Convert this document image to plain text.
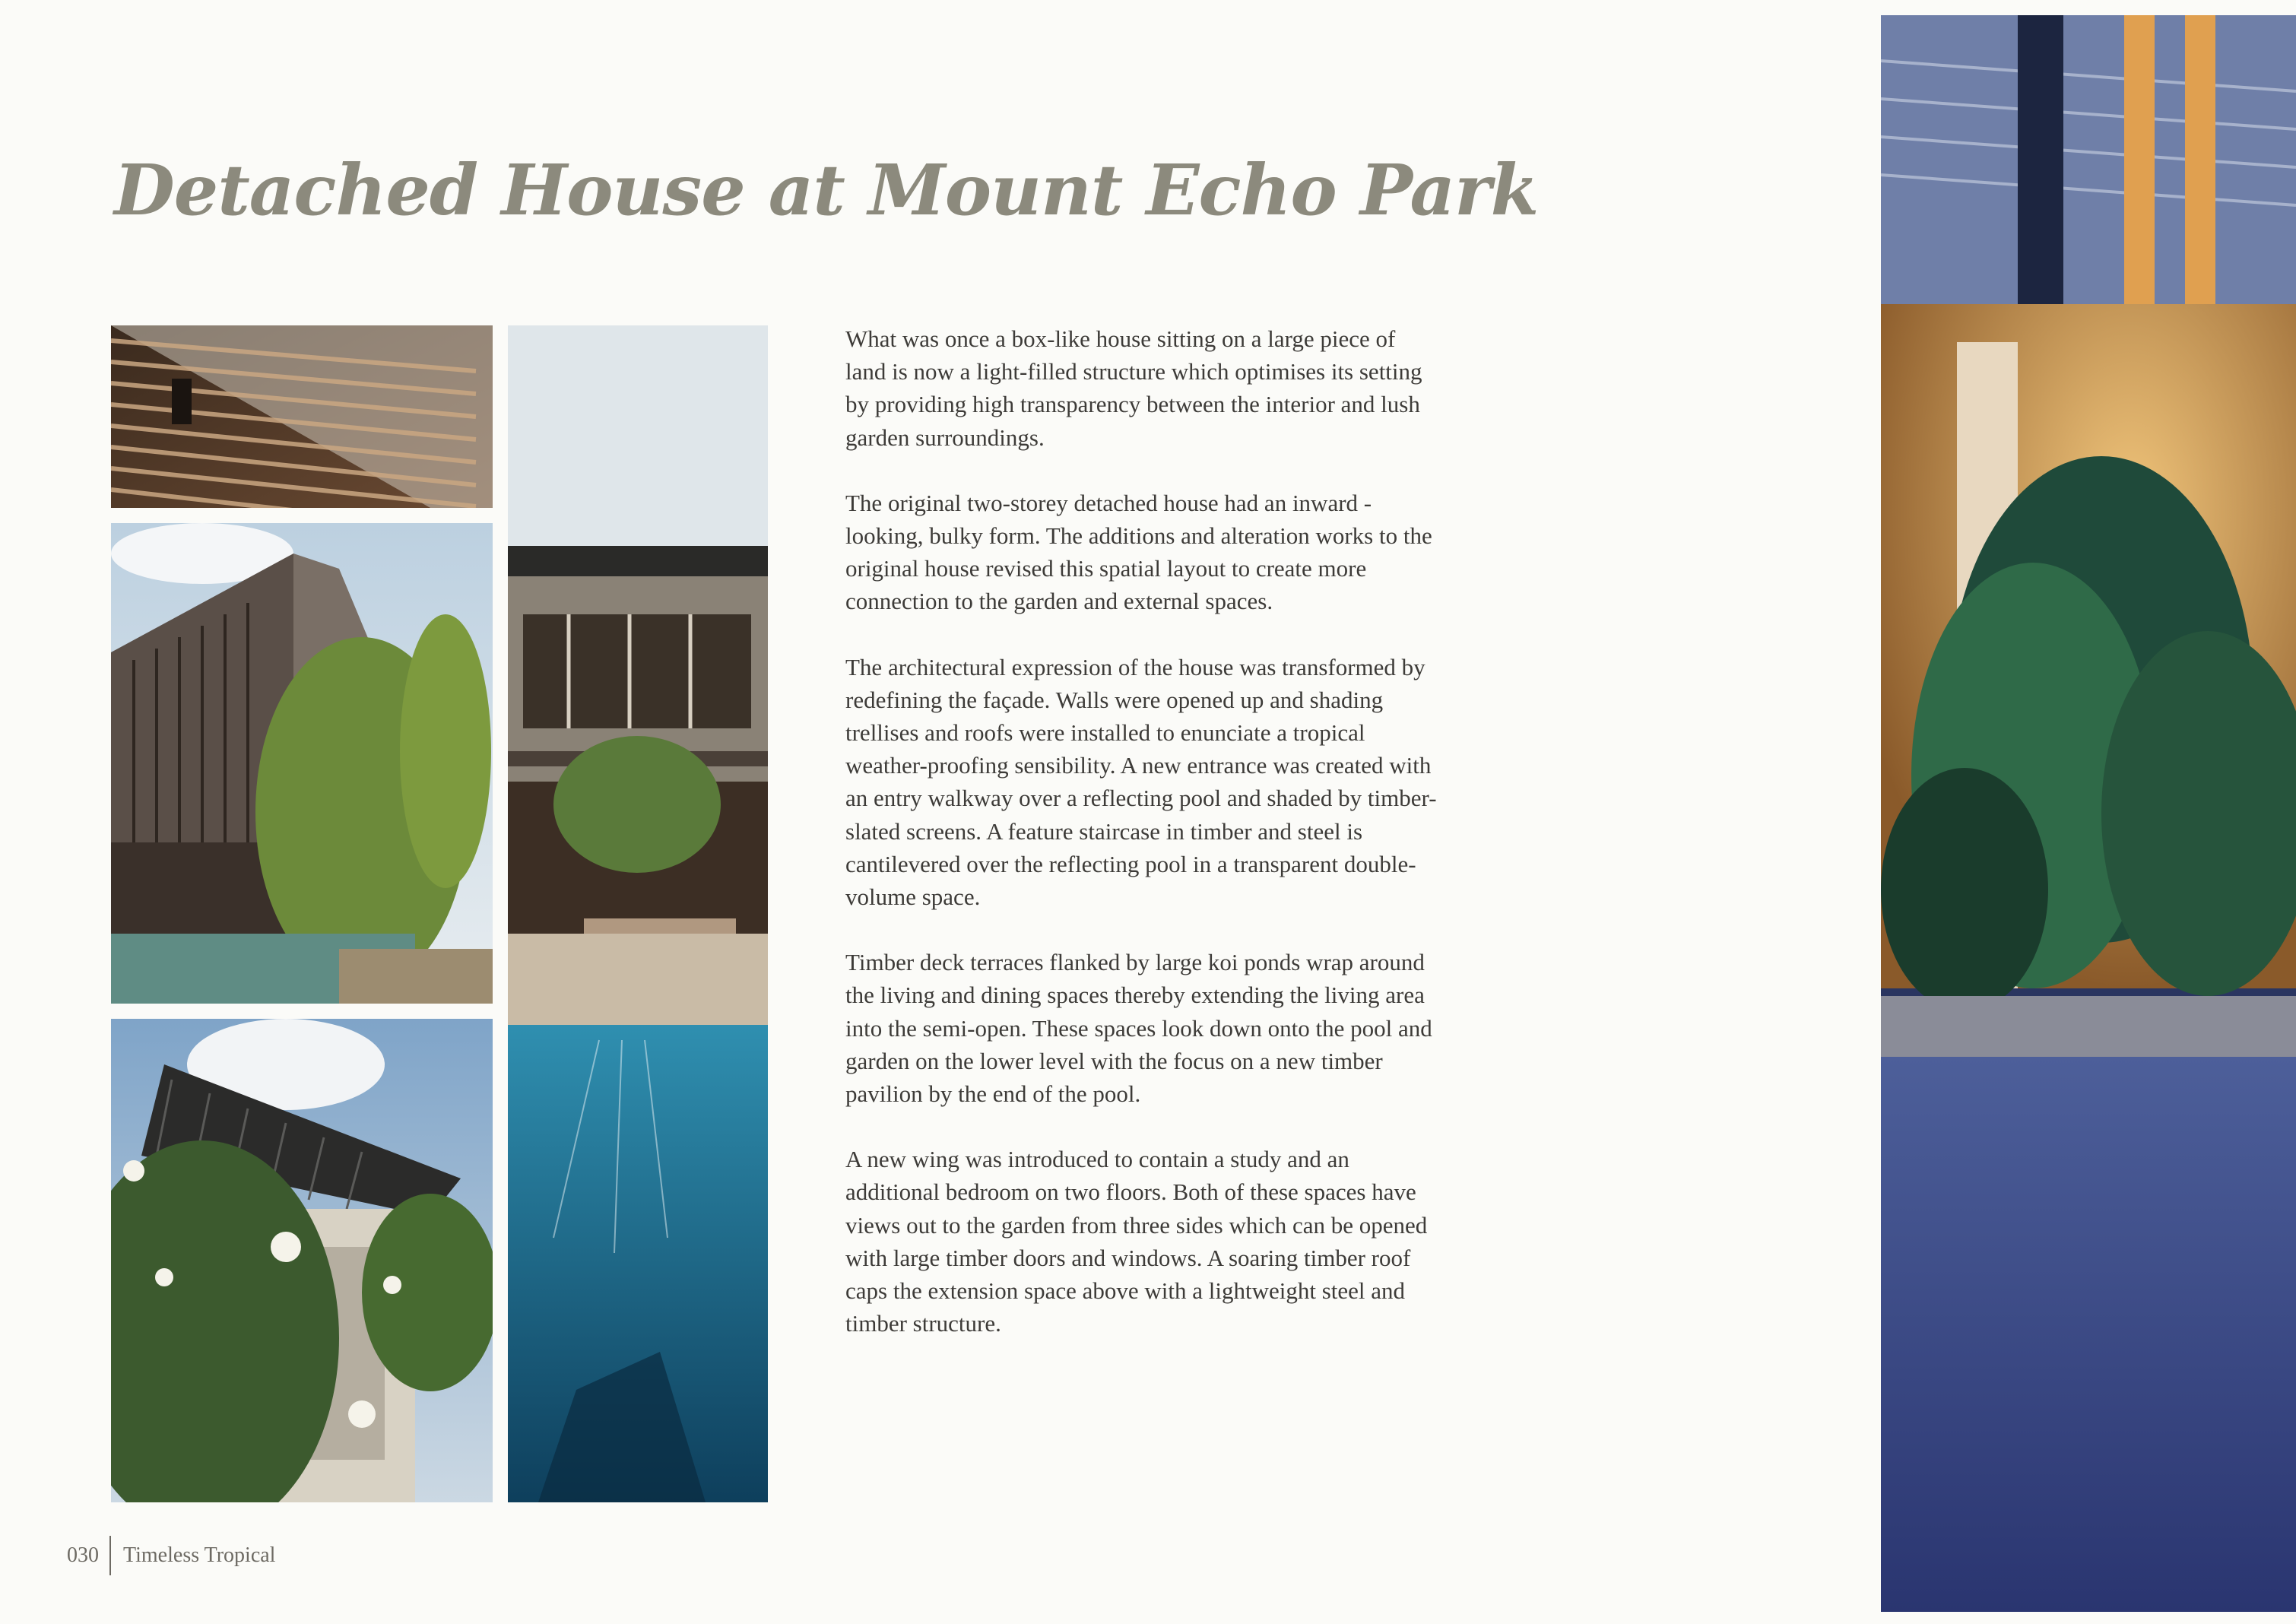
Detached House at Mount Echo Park

What was once a box-like house sitting on a large piece of land is now a light-filled structure which optimises its setting by providing high transparency between the interior and lush garden surroundings.

The original two-storey detached house had an inward -looking, bulky form. The additions and alteration works to the original house revised this spatial layout to create more connection to the garden and external spaces.

The architectural expression of the house was transformed by redefining the façade. Walls were opened up and shading trellises and roofs were installed to enunciate a tropical weather-proofing sensibility. A new entrance was created with an entry walkway over a reflecting pool and shaded by timber-slated screens. A feature staircase in timber and steel is cantilevered over the reflecting pool in a transparent double-volume space.

Timber deck terraces flanked by large koi ponds wrap around the living and dining spaces thereby extending the living area into the semi-open. These spaces look down onto the pool and garden on the lower level with the focus on a new timber pavilion by the end of the pool.

A new wing was introduced to contain a study and an additional bedroom on two floors. Both of these spaces have views out to the garden from three sides which can be opened with large timber doors and windows. A soaring timber roof caps the extension space above with a lightweight steel and timber structure.

030 Timeless Tropical
